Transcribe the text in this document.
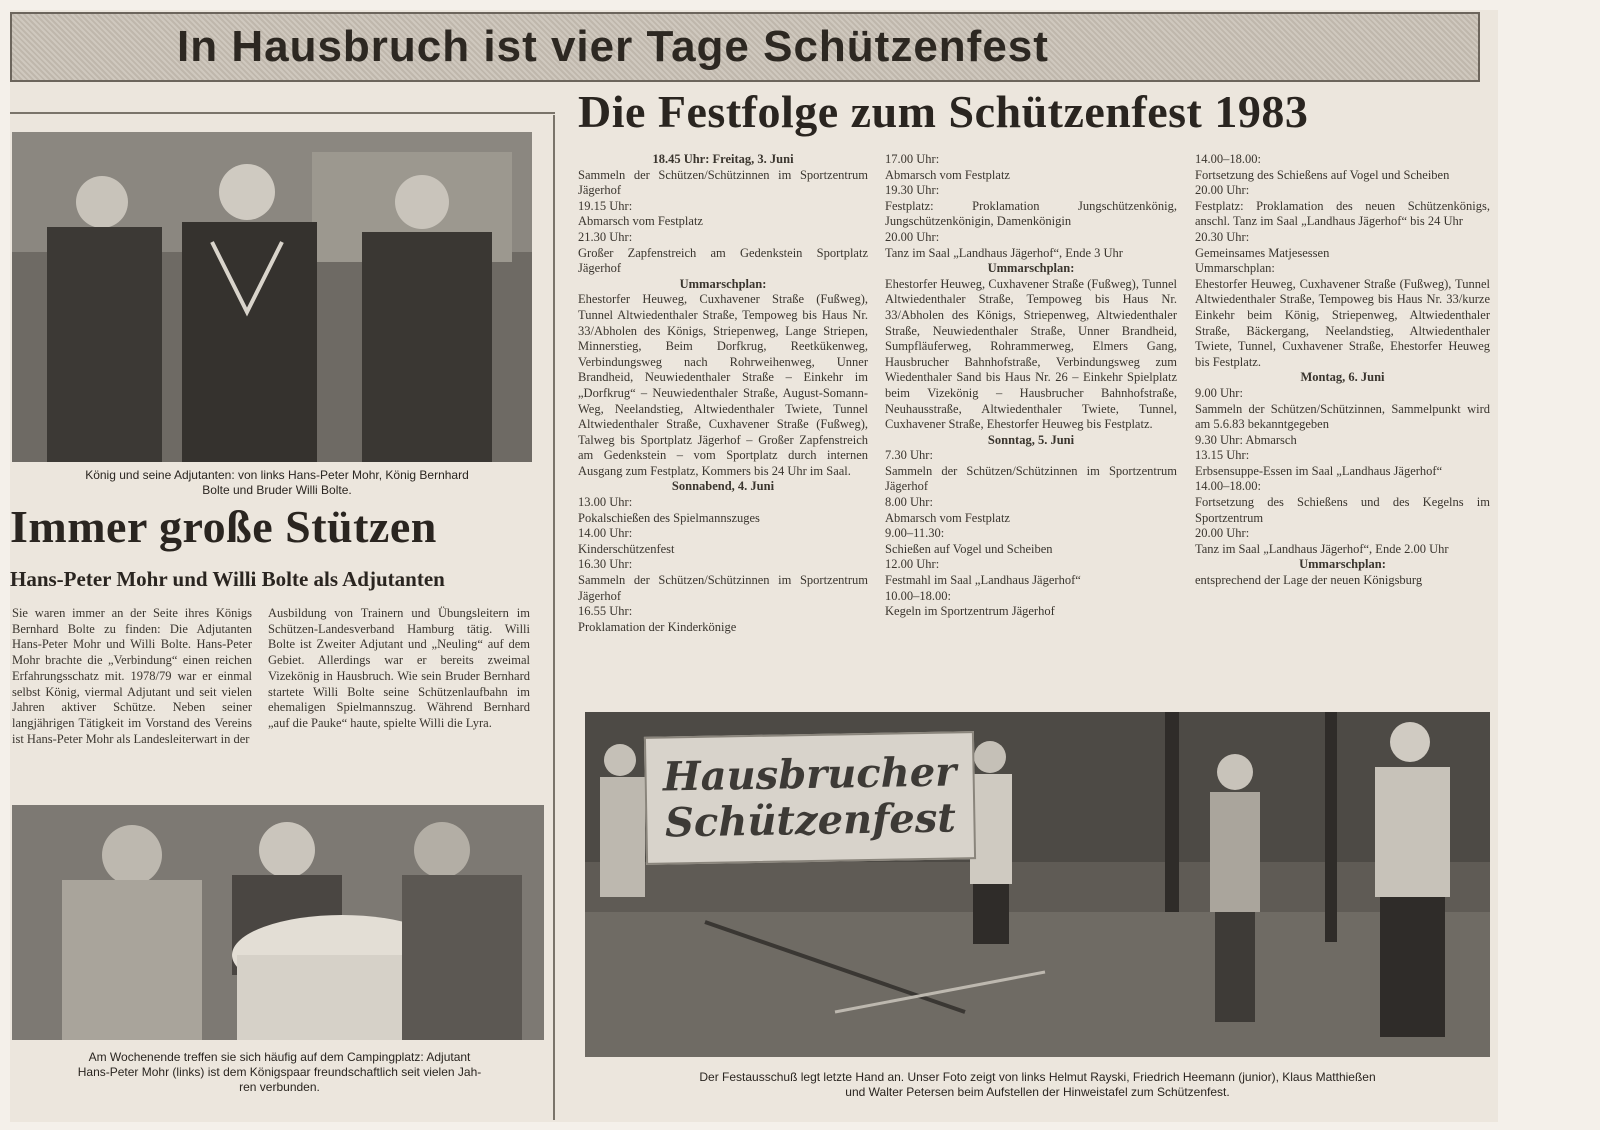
In Hausbruch ist vier Tage Schützenfest
König und seine Adjutanten: von links Hans-Peter Mohr, König Bernhard
Bolte und Bruder Willi Bolte.
Immer große Stützen
Hans-Peter Mohr und Willi Bolte als Adjutanten
Sie waren immer an der Seite ihres Königs Bernhard Bolte zu finden: Die Adjutanten Hans-Peter Mohr und Willi Bolte. Hans-Peter Mohr brachte die „Verbindung“ einen reichen Erfahrungsschatz mit. 1978/79 war er einmal selbst König, viermal Adjutant und seit vielen Jahren aktiver Schütze. Neben seiner langjährigen Tätigkeit im Vorstand des Vereins ist Hans-Peter Mohr als Landesleiterwart in der
Ausbildung von Trainern und Übungsleitern im Schützen-Landesverband Hamburg tätig. Willi Bolte ist Zweiter Adjutant und „Neuling“ auf dem Gebiet. Allerdings war er bereits zweimal Vizekönig in Hausbruch. Wie sein Bruder Bernhard startete Willi Bolte seine Schützenlaufbahn im ehemaligen Spielmannszug. Während Bernhard „auf die Pauke“ haute, spielte Willi die Lyra.
Am Wochenende treffen sie sich häufig auf dem Campingplatz: Adjutant
Hans-Peter Mohr (links) ist dem Königspaar freundschaftlich seit vielen Jah-
ren verbunden.
Die Festfolge zum Schützenfest 1983
18.45 Uhr: Freitag, 3. Juni

Sammeln der Schützen/Schützinnen im Sportzentrum Jägerhof

19.15 Uhr:

Abmarsch vom Festplatz

21.30 Uhr:

Großer Zapfenstreich am Gedenkstein Sportplatz Jägerhof

Ummarschplan:

Ehestorfer Heuweg, Cuxhavener Straße (Fußweg), Tunnel Altwiedenthaler Straße, Tempoweg bis Haus Nr. 33/Abholen des Königs, Striepenweg, Lange Striepen, Minnerstieg, Beim Dorfkrug, Reetkükenweg, Verbindungsweg nach Rohrweihenweg, Unner Brandheid, Neuwiedenthaler Straße – Einkehr im „Dorfkrug“ – Neuwiedenthaler Straße, August-Somann-Weg, Neelandstieg, Altwiedenthaler Twiete, Tunnel Altwiedenthaler Straße, Cuxhavener Straße (Fußweg), Talweg bis Sportplatz Jägerhof – Großer Zapfenstreich am Gedenkstein – vom Sportplatz durch internen Ausgang zum Festplatz, Kommers bis 24 Uhr im Saal.

Sonnabend, 4. Juni

13.00 Uhr:

Pokalschießen des Spielmannszuges

14.00 Uhr:

Kinderschützenfest

16.30 Uhr:

Sammeln der Schützen/Schützinnen im Sportzentrum Jägerhof

16.55 Uhr:

Proklamation der Kinderkönige

17.00 Uhr:

Abmarsch vom Festplatz

19.30 Uhr:

Festplatz: Proklamation Jungschützenkönig, Jungschützenkönigin, Damenkönigin

20.00 Uhr:

Tanz im Saal „Landhaus Jägerhof“, Ende 3 Uhr

Ummarschplan:

Ehestorfer Heuweg, Cuxhavener Straße (Fußweg), Tunnel Altwiedenthaler Straße, Tempoweg bis Haus Nr. 33/Abholen des Königs, Striepenweg, Altwiedenthaler Straße, Neuwiedenthaler Straße, Unner Brandheid, Sumpfläuferweg, Rohrammerweg, Elmers Gang, Hausbrucher Bahnhofstraße, Verbindungsweg zum Wiedenthaler Sand bis Haus Nr. 26 – Einkehr Spielplatz beim Vizekönig – Hausbrucher Bahnhofstraße, Neuhausstraße, Altwiedenthaler Twiete, Tunnel, Cuxhavener Straße, Ehestorfer Heuweg bis Festplatz.

Sonntag, 5. Juni

7.30 Uhr:

Sammeln der Schützen/Schützinnen im Sportzentrum Jägerhof

8.00 Uhr:

Abmarsch vom Festplatz

9.00–11.30:

Schießen auf Vogel und Scheiben

12.00 Uhr:

Festmahl im Saal „Landhaus Jägerhof“

10.00–18.00:

Kegeln im Sportzentrum Jägerhof

14.00–18.00:

Fortsetzung des Schießens auf Vogel und Scheiben

20.00 Uhr:

Festplatz: Proklamation des neuen Schützenkönigs, anschl. Tanz im Saal „Landhaus Jägerhof“ bis 24 Uhr

20.30 Uhr:

Gemeinsames Matjesessen

Ummarschplan:

Ehestorfer Heuweg, Cuxhavener Straße (Fußweg), Tunnel Altwiedenthaler Straße, Tempoweg bis Haus Nr. 33/kurze Einkehr beim König, Striepenweg, Altwiedenthaler Straße, Bäckergang, Neelandstieg, Altwiedenthaler Twiete, Tunnel, Cuxhavener Straße, Ehestorfer Heuweg bis Festplatz.

Montag, 6. Juni

9.00 Uhr:

Sammeln der Schützen/Schützinnen, Sammelpunkt wird am 5.6.83 bekanntgegeben

9.30 Uhr: Abmarsch

13.15 Uhr:

Erbsensuppe-Essen im Saal „Landhaus Jägerhof“

14.00–18.00:

Fortsetzung des Schießens und des Kegelns im Sportzentrum

20.00 Uhr:

Tanz im Saal „Landhaus Jägerhof“, Ende 2.00 Uhr

Ummarschplan:

entsprechend der Lage der neuen Königsburg

Hausbrucher
Schützenfest
Der Festausschuß legt letzte Hand an. Unser Foto zeigt von links Helmut Rayski, Friedrich Heemann (junior), Klaus Matthießen
und Walter Petersen beim Aufstellen der Hinweistafel zum Schützenfest.
